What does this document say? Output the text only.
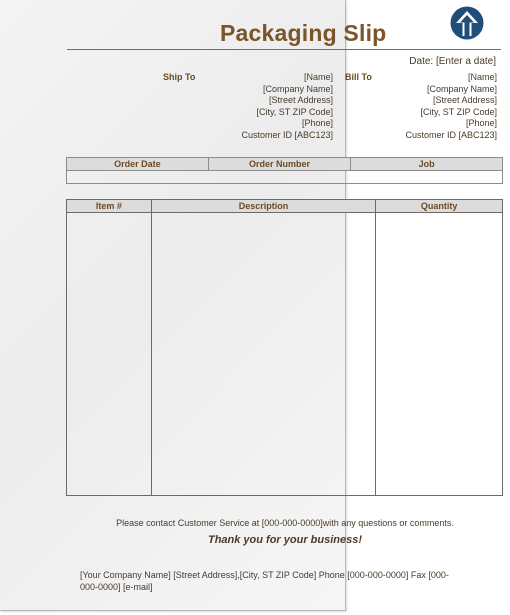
Packaging Slip
Date: [Enter a date]
Ship To	[Name]
[Company Name]
[Street Address]
[City, ST ZIP Code]
[Phone]
Customer ID [ABC123]
Bill To	[Name]
[Company Name]
[Street Address]
[City, ST ZIP Code]
[Phone]
Customer ID [ABC123]
Order Date	Order Number	Job

Item #	Description	Quantity

Please contact Customer Service at [000-000-0000]with any questions or comments.
Thank you for your business!
[Your Company Name] [Street Address],[City, ST ZIP Code] Phone [000-000-0000] Fax [000-
000-0000] [e-mail]
